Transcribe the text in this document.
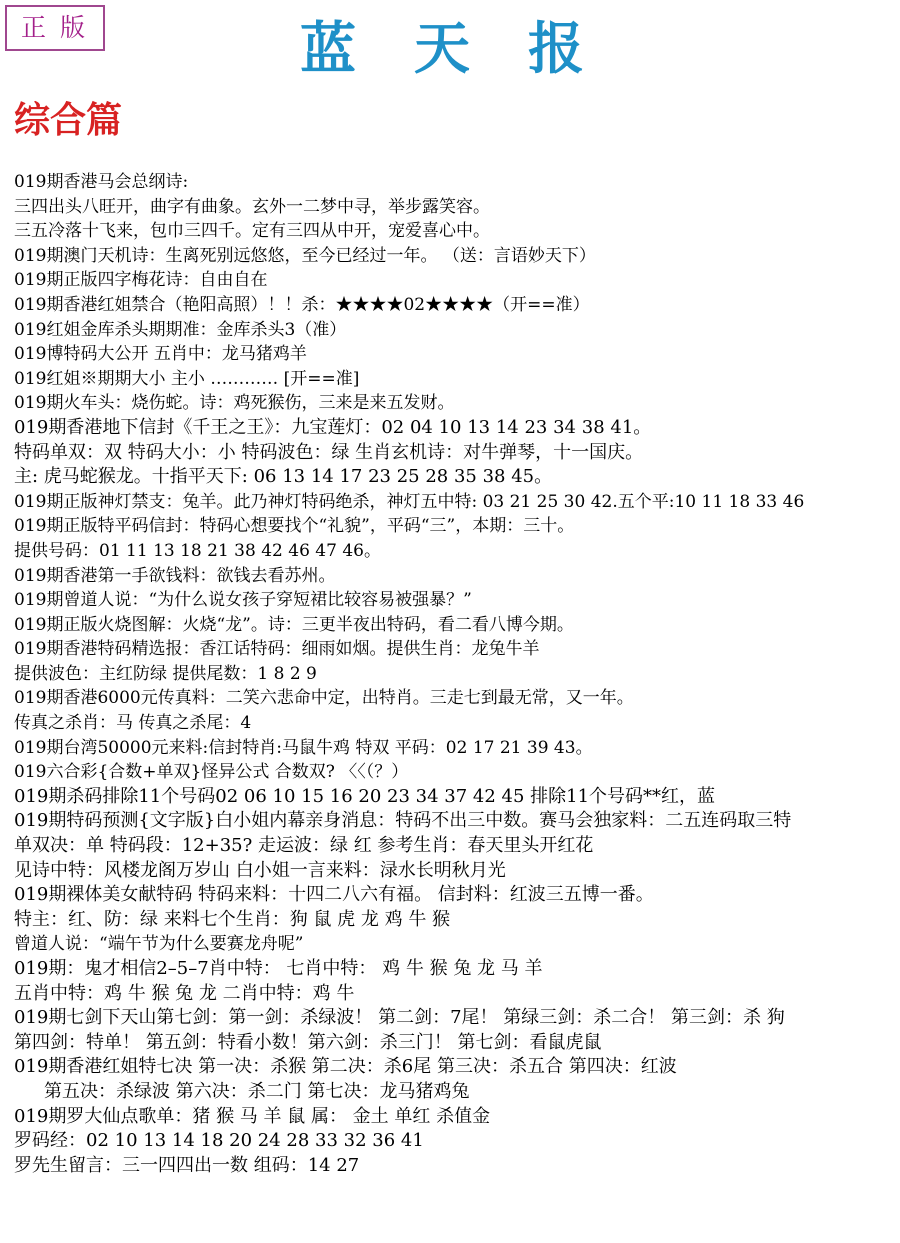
正版	蓝天报
综合篇
019期香港马会总纲诗:
三四出头八旺开，曲字有曲象。玄外一二梦中寻，举步露笑容。
三五冷落十飞来，包巾三四千。定有三四从中开，宠爱喜心中。
019期澳门天机诗：生离死别远悠悠，至今已经过一年。 （送：言语妙天下）
019期正版四字梅花诗：自由自在
019期香港红姐禁合（艳阳高照）！！杀：★★★★02★★★★（开==准）
019红姐金库杀头期期准：金库杀头3（准）
019博特码大公开 五肖中：龙马猪鸡羊
019红姐※期期大小 主小 ………… [开==准]
019期火车头：烧伤蛇。诗：鸡死猴伤，三来是来五发财。
019期香港地下信封《千王之王》：九宝莲灯：02 04 10 13 14 23 34 38 41。
特码单双：双 特码大小：小 特码波色：绿 生肖玄机诗：对牛弹琴，十一国庆。
主: 虎马蛇猴龙。十指平天下: 06 13 14 17 23 25 28 35 38 45。
019期正版神灯禁支：兔羊。此乃神灯特码绝杀，神灯五中特: 03 21 25 30 42.五个平:10 11 18 33 46
019期正版特平码信封：特码心想要找个“礼貌”，平码“三”，本期：三十。
提供号码：01 11 13 18 21 38 42 46 47 46。
019期香港第一手欲钱料：欲钱去看苏州。
019期曾道人说：“为什么说女孩子穿短裙比较容易被强暴？”
019期正版火烧图解：火烧“龙”。诗：三更半夜出特码，看二看八博今期。
019期香港特码精选报：香江话特码：细雨如烟。提供生肖：龙兔牛羊
提供波色：主红防绿 提供尾数：1 8 2 9
019期香港6000元传真料：二笑六悲命中定，出特肖。三走七到最无常，又一年。
传真之杀肖：马 传真之杀尾：4
019期台湾50000元来料:信封特肖:马鼠牛鸡 特双 平码：02 17 21 39 43。
019六合彩{合数+单双}怪异公式 合数双? 〈〈（？）
019期杀码排除11个号码02 06 10 15 16 20 23 34 37 42 45 排除11个号码**红，蓝
019期特码预测{文字版}白小姐内幕亲身消息：特码不出三中数。赛马会独家料：二五连码取三特
单双决：单 特码段：12+35? 走运波：绿 红 参考生肖：春天里头开红花
见诗中特：风楼龙阁万岁山 白小姐一言来料：渌水长明秋月光
019期裸体美女献特码 特码来料：十四二八六有福。 信封料：红波三五博一番。
特主：红、防：绿 来料七个生肖：狗 鼠 虎 龙 鸡 牛 猴
曾道人说：“端午节为什么要赛龙舟呢”
019期：鬼才相信2–5–7肖中特： 七肖中特： 鸡 牛 猴 兔 龙 马 羊
五肖中特：鸡 牛 猴 兔 龙 二肖中特：鸡 牛
019期七剑下天山第七剑：第一剑：杀绿波！ 第二剑：7尾！ 第绿三剑：杀二合！ 第三剑：杀 狗
第四剑：特单！ 第五剑：特看小数！第六剑：杀三门！ 第七剑：看鼠虎鼠
019期香港红姐特七决 第一决：杀猴 第二决：杀6尾 第三决：杀五合 第四决：红波
第五决：杀绿波 第六决：杀二门 第七决：龙马猪鸡兔
019期罗大仙点歌单：猪 猴 马 羊 鼠 属： 金土 单红 杀值金
罗码经：02 10 13 14 18 20 24 28 33 32 36 41
罗先生留言：三一四四出一数 组码：14 27
